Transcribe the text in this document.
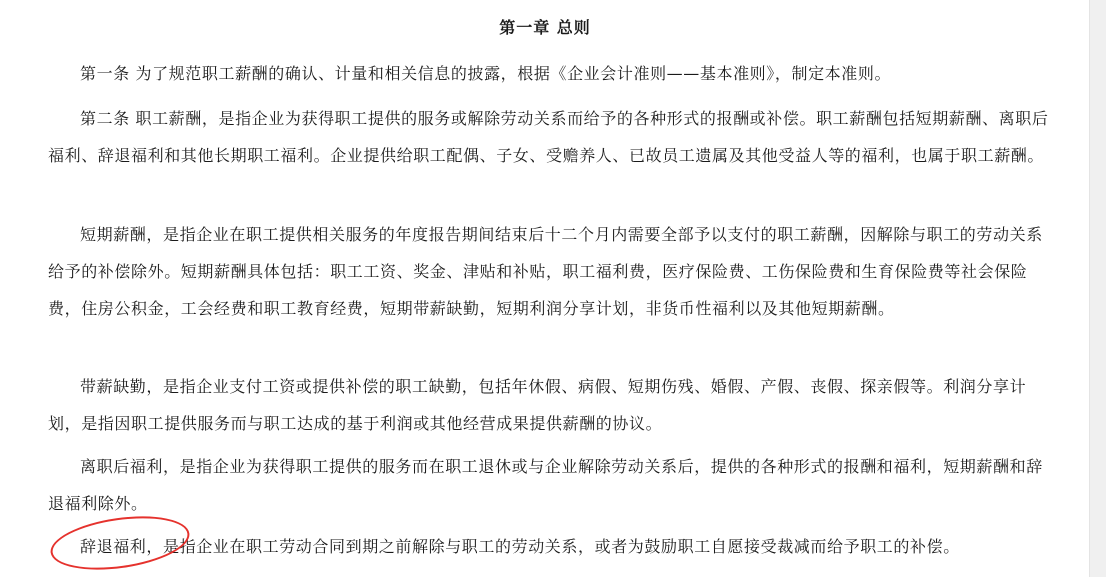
第一章 总则

第一条 为了规范职工薪酬的确认、计量和相关信息的披露，根据《企业会计准则——基本准则》，制定本准则。

第二条 职工薪酬，是指企业为获得职工提供的服务或解除劳动关系而给予的各种形式的报酬或补偿。职工薪酬包括短期薪酬、离职后福利、辞退福利和其他长期职工福利。企业提供给职工配偶、子女、受赡养人、已故员工遗属及其他受益人等的福利，也属于职工薪酬。

短期薪酬，是指企业在职工提供相关服务的年度报告期间结束后十二个月内需要全部予以支付的职工薪酬，因解除与职工的劳动关系给予的补偿除外。短期薪酬具体包括：职工工资、奖金、津贴和补贴，职工福利费，医疗保险费、工伤保险费和生育保险费等社会保险费，住房公积金，工会经费和职工教育经费，短期带薪缺勤，短期利润分享计划，非货币性福利以及其他短期薪酬。

带薪缺勤，是指企业支付工资或提供补偿的职工缺勤，包括年休假、病假、短期伤残、婚假、产假、丧假、探亲假等。利润分享计划，是指因职工提供服务而与职工达成的基于利润或其他经营成果提供薪酬的协议。

离职后福利，是指企业为获得职工提供的服务而在职工退休或与企业解除劳动关系后，提供的各种形式的报酬和福利，短期薪酬和辞退福利除外。

辞退福利，是指企业在职工劳动合同到期之前解除与职工的劳动关系，或者为鼓励职工自愿接受裁减而给予职工的补偿。
